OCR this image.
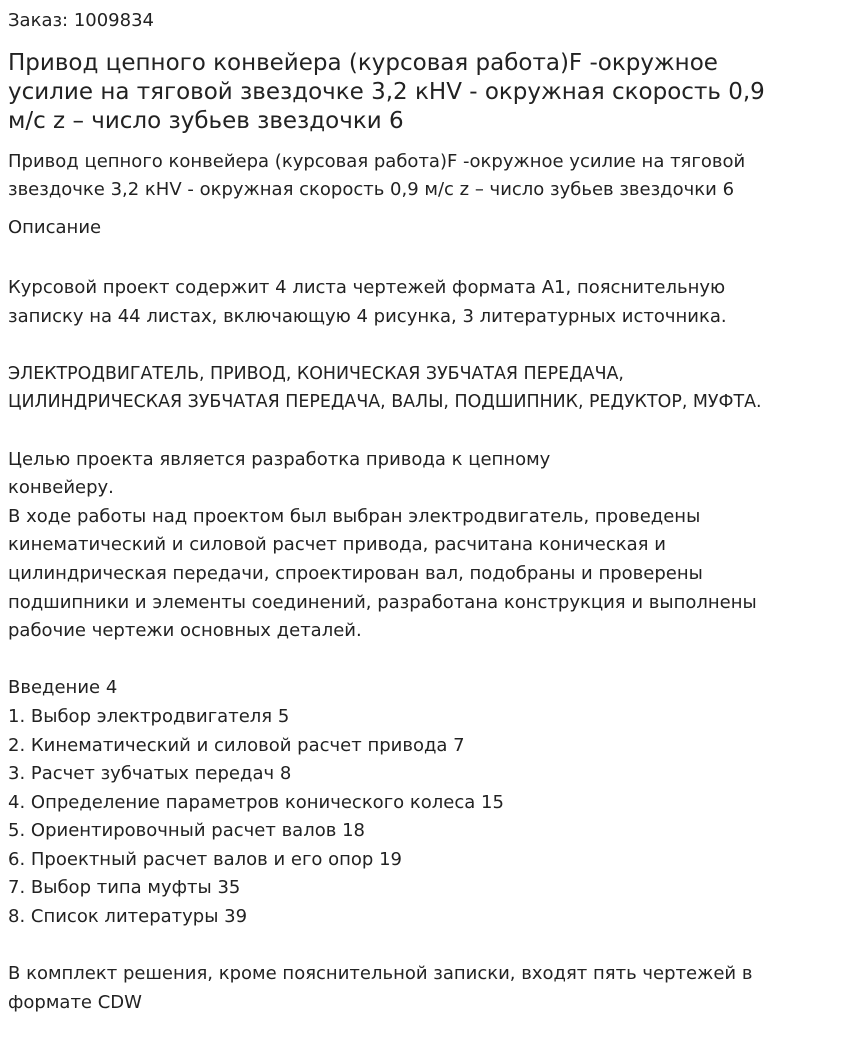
Заказ: 1009834
Привод цепного конвейера (курсовая работа)F -окружное
усилие на тяговой звездочке 3,2 кНV - окружная скорость 0,9
м/с z – число зубьев звездочки 6
Привод цепного конвейера (курсовая работа)F -окружное усилие на тяговой
звездочке 3,2 кНV - окружная скорость 0,9 м/с z – число зубьев звездочки 6
Описание
Курсовой проект содержит 4 листа чертежей формата А1, пояснительную
записку на 44 листах, включающую 4 рисунка, 3 литературных источника.
ЭЛЕКТРОДВИГАТЕЛЬ, ПРИВОД, КОНИЧЕСКАЯ ЗУБЧАТАЯ ПЕРЕДАЧА,
ЦИЛИНДРИЧЕСКАЯ ЗУБЧАТАЯ ПЕРЕДАЧА, ВАЛЫ, ПОДШИПНИК, РЕДУКТОР, МУФТА.
Целью проекта является разработка привода к цепному
конвейеру.
В ходе работы над проектом был выбран электродвигатель, проведены
кинематический и силовой расчет привода, расчитана коническая и
цилиндрическая передачи, спроектирован вал, подобраны и проверены
подшипники и элементы соединений, разработана конструкция и выполнены
рабочие чертежи основных деталей.
Введение 4
1. Выбор электродвигателя 5
2. Кинематический и силовой расчет привода 7
3. Расчет зубчатых передач 8
4. Определение параметров конического колеса 15
5. Ориентировочный расчет валов 18
6. Проектный расчет валов и его опор 19
7. Выбор типа муфты 35
8. Список литературы 39
В комплект решения, кроме пояснительной записки, входят пять чертежей в
формате CDW
